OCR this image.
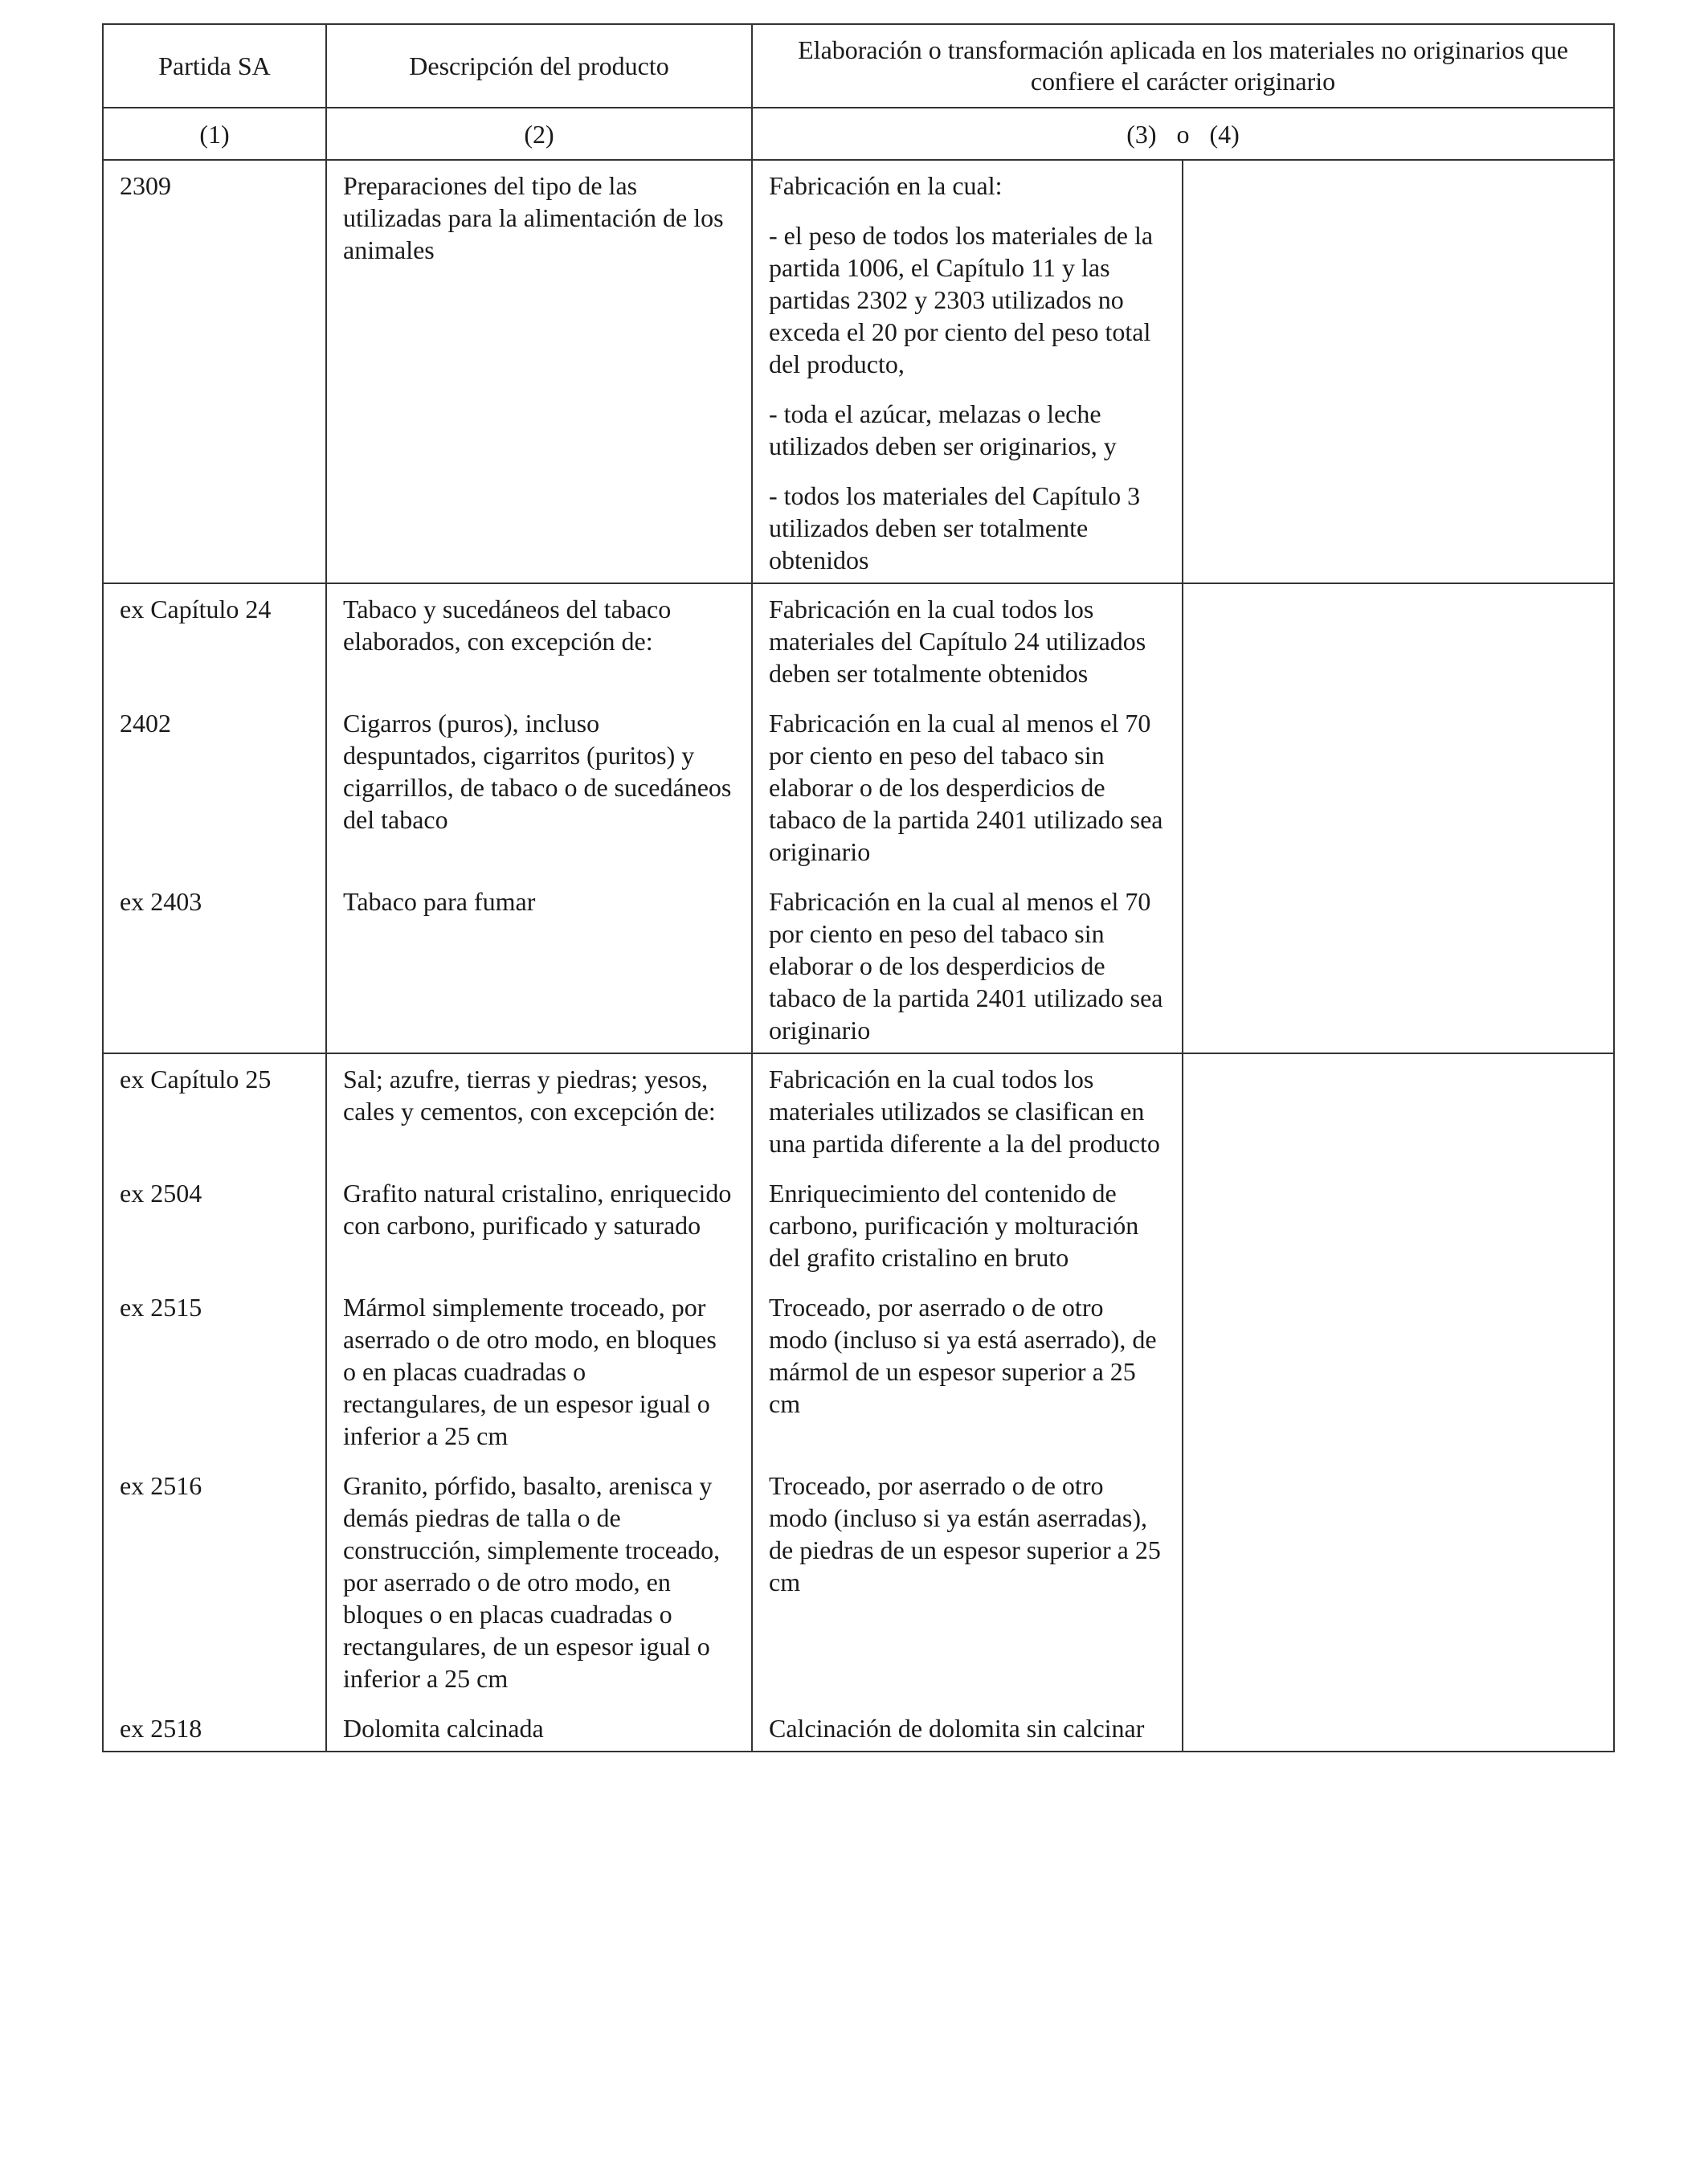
Partida SA	Descripción del producto	Elaboración o transformación aplicada en los materiales no originarios que confiere el carácter originario	
(1)	(2)	(3) o (4)	
2309	Preparaciones del tipo de las utilizadas para la alimentación de los animales	Fabricación en la cual:

- el peso de todos los materiales de la partida 1006, el Capítulo 11 y las partidas 2302 y 2303 utilizados no exceda el 20 por ciento del peso total del producto,

- toda el azúcar, melazas o leche utilizados deben ser originarios, y

- todos los materiales del Capítulo 3 utilizados deben ser totalmente obtenidos	

ex Capítulo 24	Tabaco y sucedáneos del tabaco elaborados, con excepción de:	Fabricación en la cual todos los materiales del Capítulo 24 utilizados deben ser totalmente obtenidos	
2402	Cigarros (puros), incluso despuntados, cigarritos (puritos) y cigarrillos, de tabaco o de sucedáneos del tabaco	Fabricación en la cual al menos el 70 por ciento en peso del tabaco sin elaborar o de los desperdicios de tabaco de la partida 2401 utilizado sea originario	
ex 2403	Tabaco para fumar	Fabricación en la cual al menos el 70 por ciento en peso del tabaco sin elaborar o de los desperdicios de tabaco de la partida 2401 utilizado sea originario	
ex Capítulo 25	Sal; azufre, tierras y piedras; yesos, cales y cementos, con excepción de:	Fabricación en la cual todos los materiales utilizados se clasifican en una partida diferente a la del producto	
ex 2504	Grafito natural cristalino, enriquecido con carbono, purificado y saturado	Enriquecimiento del contenido de carbono, purificación y molturación del grafito cristalino en bruto	
ex 2515	Mármol simplemente troceado, por aserrado o de otro modo, en bloques o en placas cuadradas o rectangulares, de un espesor igual o inferior a 25 cm	Troceado, por aserrado o de otro modo (incluso si ya está aserrado), de mármol de un espesor superior a 25 cm	
ex 2516	Granito, pórfido, basalto, arenisca y demás piedras de talla o de construcción, simplemente troceado, por aserrado o de otro modo, en bloques o en placas cuadradas o rectangulares, de un espesor igual o inferior a 25 cm	Troceado, por aserrado o de otro modo (incluso si ya están aserradas), de piedras de un espesor superior a 25 cm	
ex 2518	Dolomita calcinada	Calcinación de dolomita sin calcinar	
